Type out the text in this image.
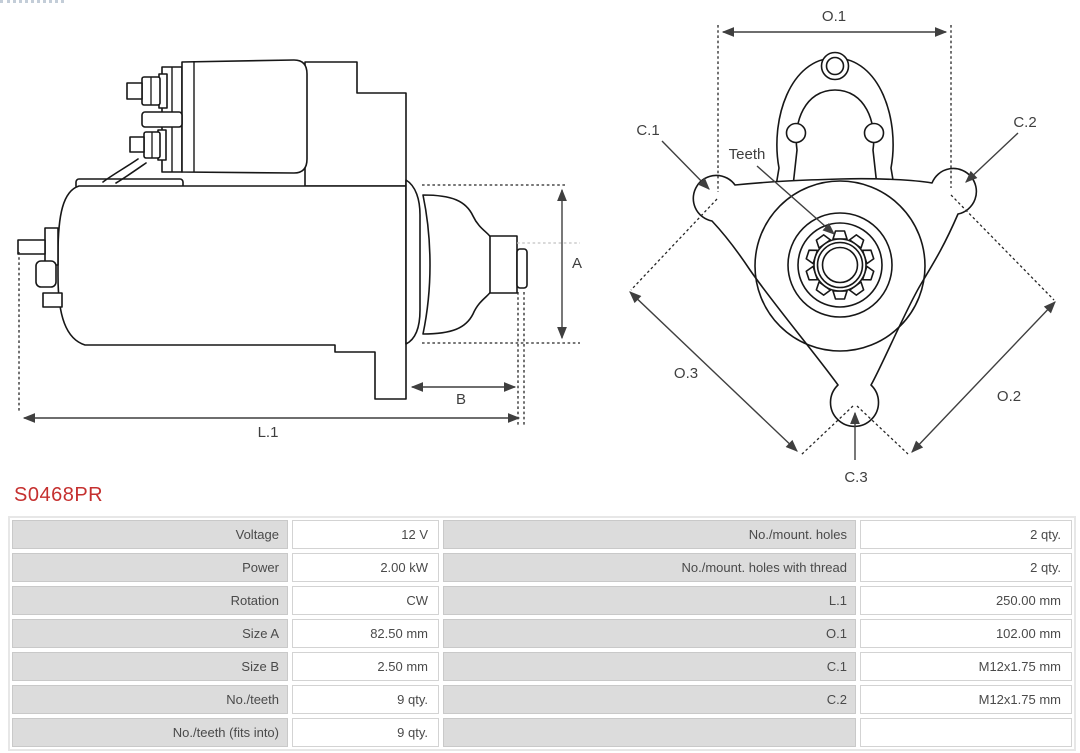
A
B
L.1
O.1
O.3
O.2
C.1	C.2
C.3
Teeth
S0468PR
Voltage	12 V	No./mount. holes	2 qty.
Power	2.00 kW	No./mount. holes with thread	2 qty.
Rotation	CW	L.1	250.00 mm
Size A	82.50 mm	O.1	102.00 mm
Size B	2.50 mm	C.1	M12x1.75 mm
No./teeth	9 qty.	C.2	M12x1.75 mm
No./teeth (fits into)	9 qty.
